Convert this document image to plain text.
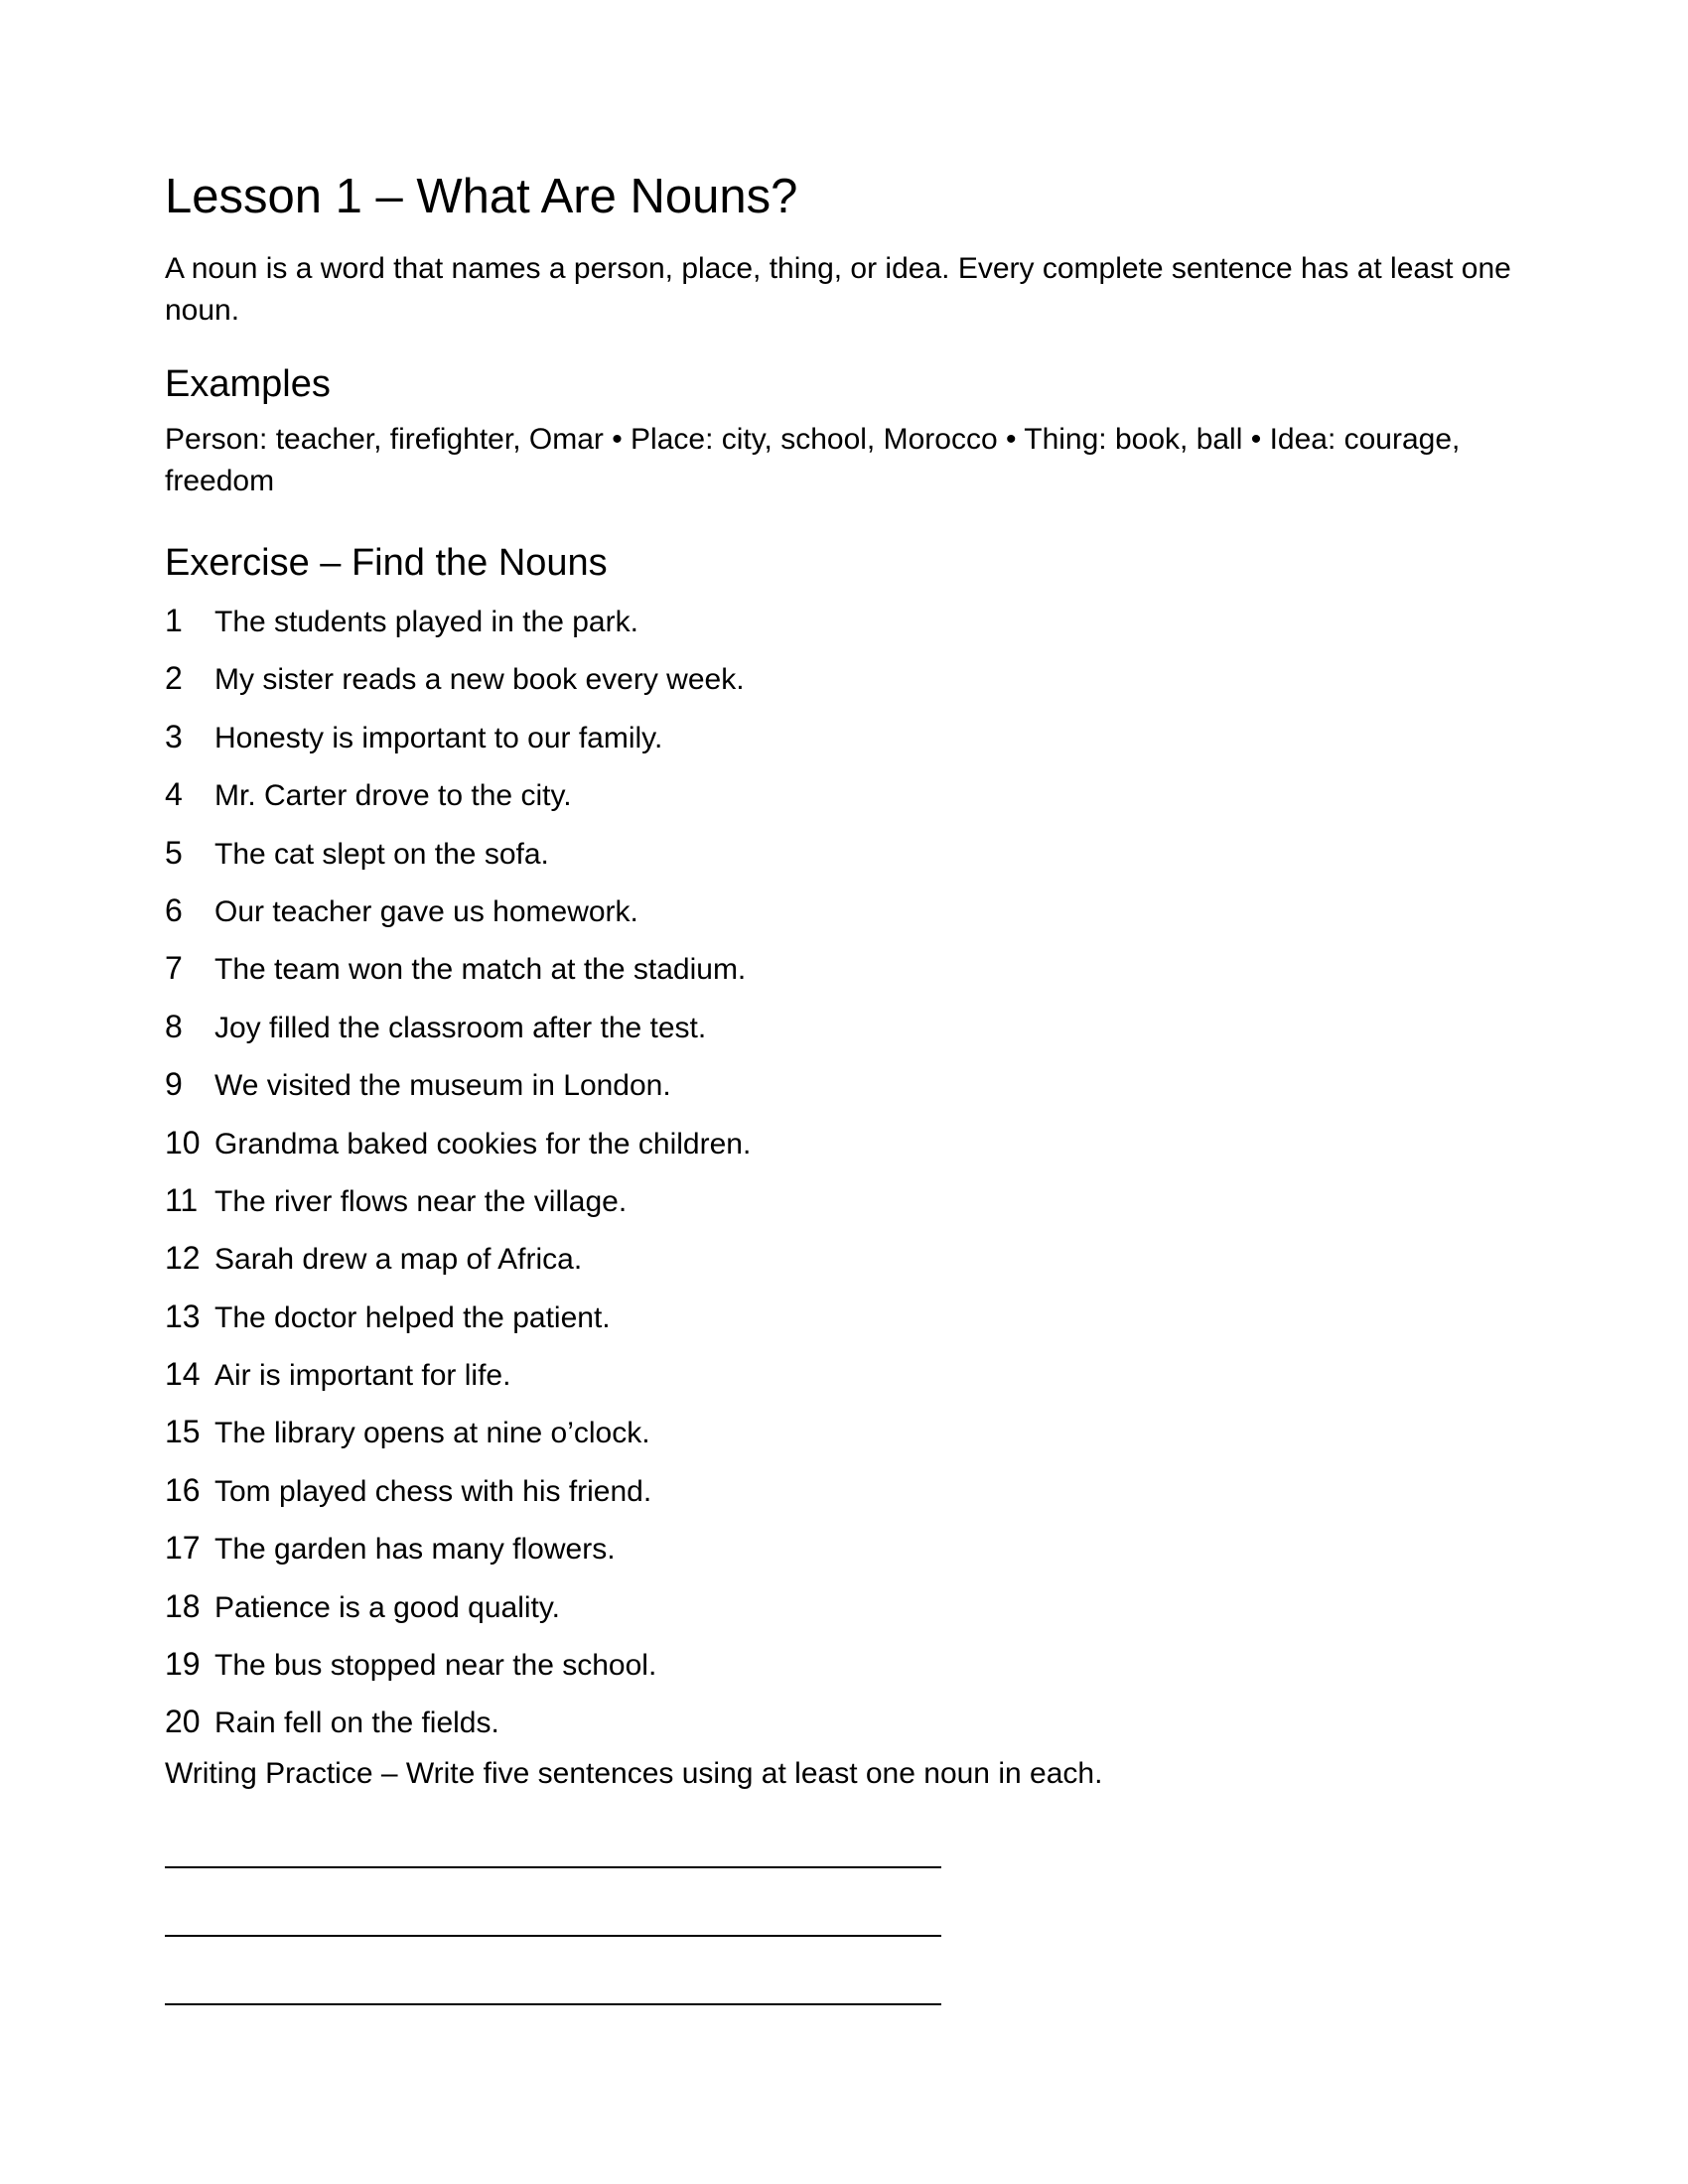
Lesson 1 – What Are Nouns?

A noun is a word that names a person, place, thing, or idea. Every complete sentence has at least one noun.

Examples

Person: teacher, firefighter, Omar • Place: city, school, Morocco • Thing: book, ball • Idea: courage, freedom

Exercise – Find the Nouns
1	The students played in the park.
2	My sister reads a new book every week.
3	Honesty is important to our family.
4	Mr. Carter drove to the city.
5	The cat slept on the sofa.
6	Our teacher gave us homework.
7	The team won the match at the stadium.
8	Joy filled the classroom after the test.
9	We visited the museum in London.
10 Grandma baked cookies for the children.
11 The river flows near the village.
12 Sarah drew a map of Africa.
13 The doctor helped the patient.
14 Air is important for life.
15 The library opens at nine o’clock.
16 Tom played chess with his friend.
17 The garden has many flowers.
18 Patience is a good quality.
19 The bus stopped near the school.
20 Rain fell on the fields.

Writing Practice – Write five sentences using at least one noun in each.
